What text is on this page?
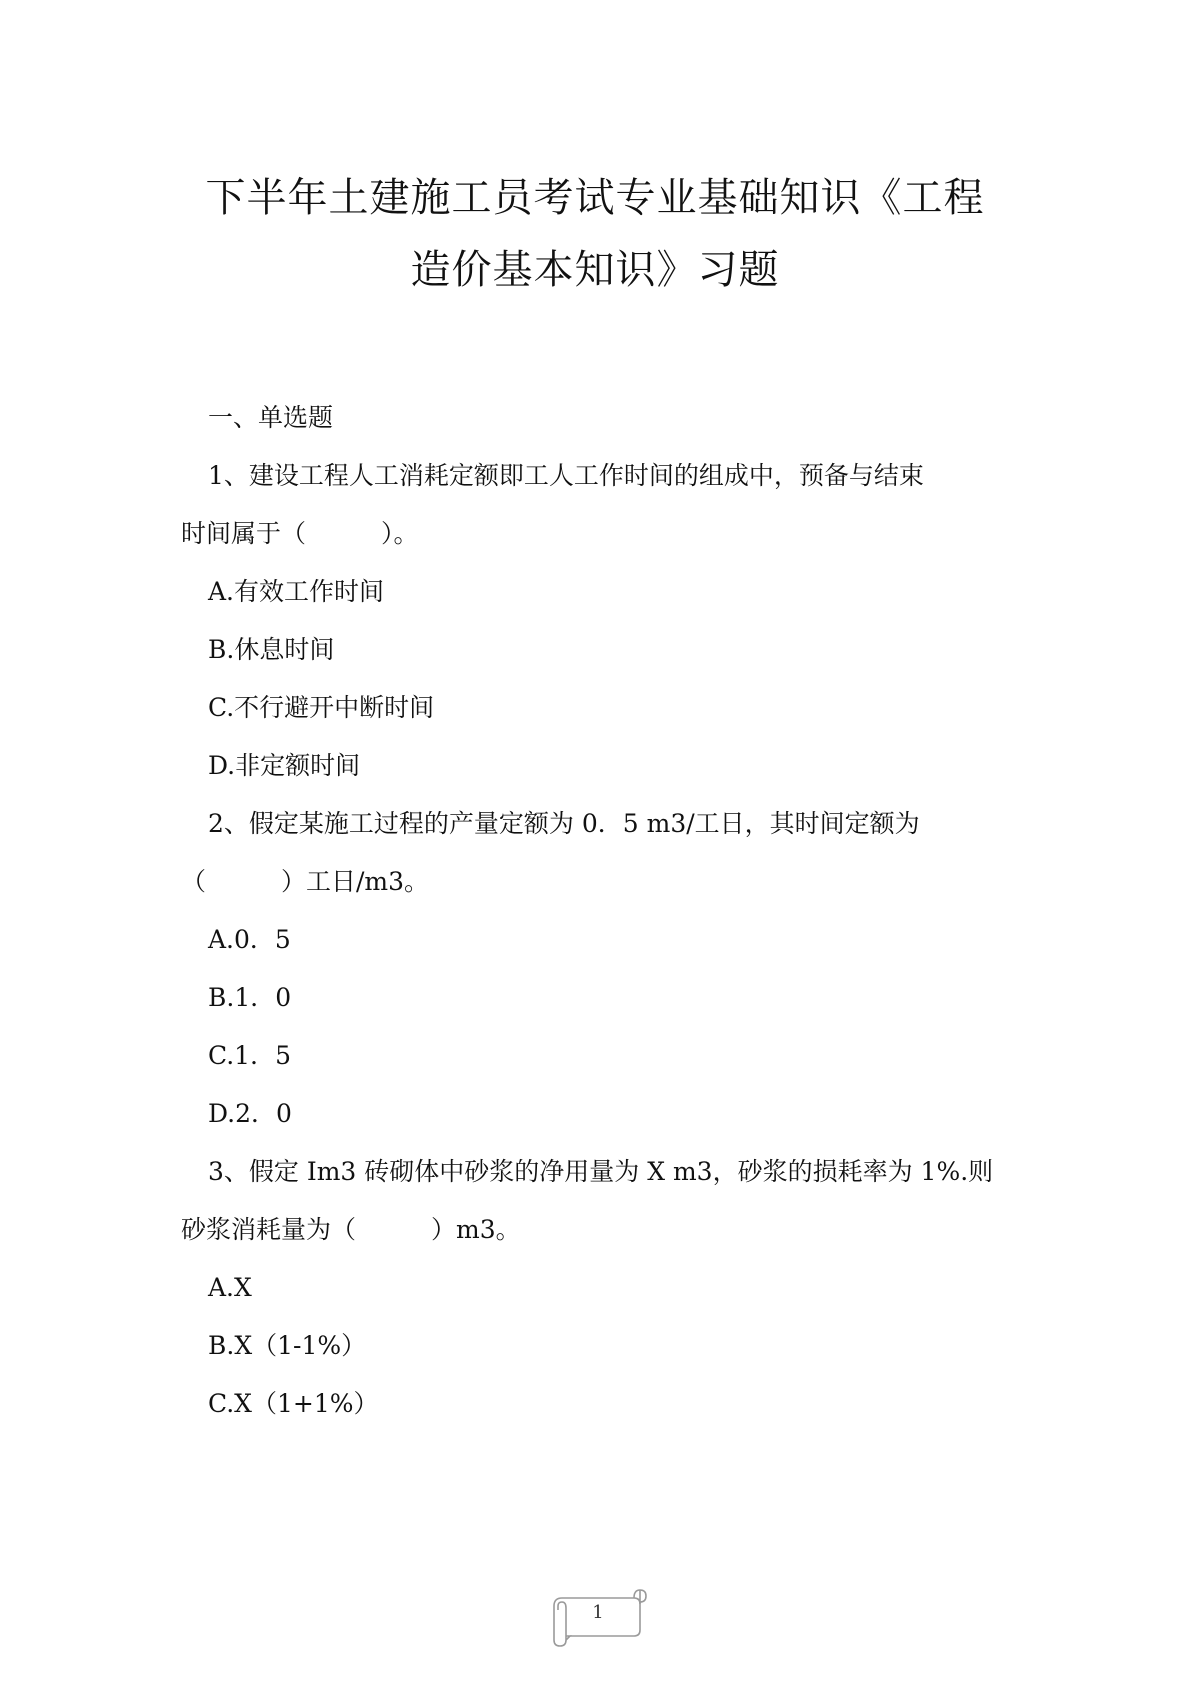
下半年土建施工员考试专业基础知识《工程
造价基本知识》习题
一、单选题
1、建设工程人工消耗定额即工人工作时间的组成中，预备与结束
时间属于（　　　）。
A.有效工作时间
B.休息时间
C.不行避开中断时间
D.非定额时间
2、假定某施工过程的产量定额为 0．5 m3/工日，其时间定额为
（　　　）工日/m3。
A.0．5
B.1．0
C.1．5
D.2．0
3、假定 Im3 砖砌体中砂浆的净用量为 X m3，砂浆的损耗率为 1%.则
砂浆消耗量为（　　　）m3。
A.X
B.X（1-1%）
C.X（1+1%）
1
